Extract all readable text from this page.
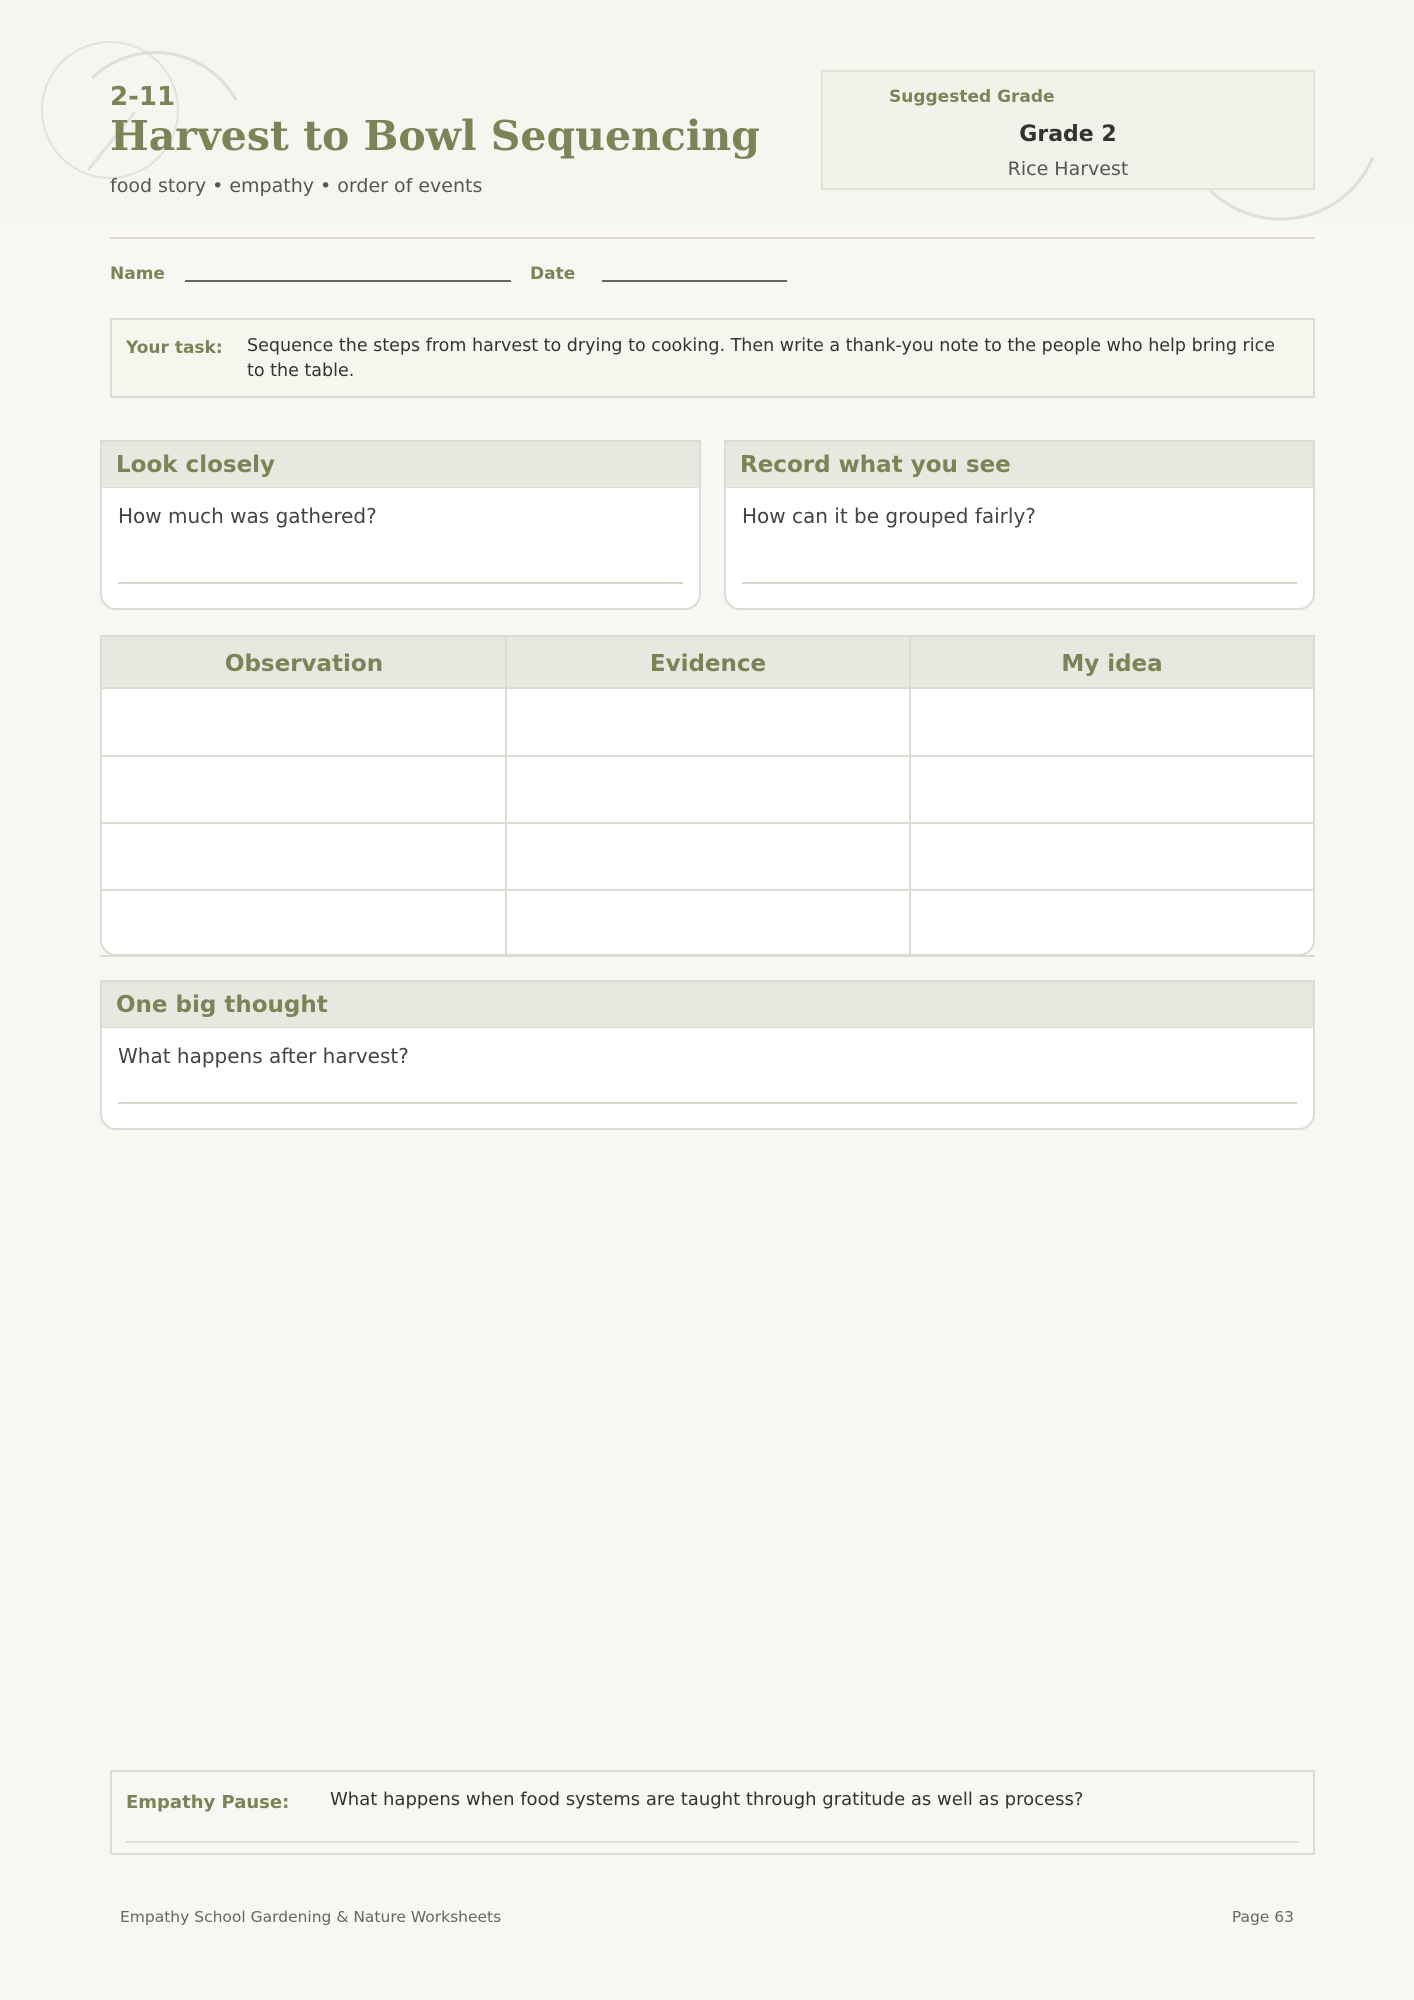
2-11
Harvest to Bowl Sequencing
food story • empathy • order of events
Suggested Grade
Grade 2
Rice Harvest
Name	Date
Your task: Sequence the steps from harvest to drying to cooking. Then write a thank-you note to the people who help bring rice to the table.
Look closely
How much was gathered?
Record what you see
How can it be grouped fairly?
Observation	Evidence	My idea
One big thought
What happens after harvest?
Empathy Pause: What happens when food systems are taught through gratitude as well as process?
Empathy School Gardening & Nature Worksheets	Page 63
